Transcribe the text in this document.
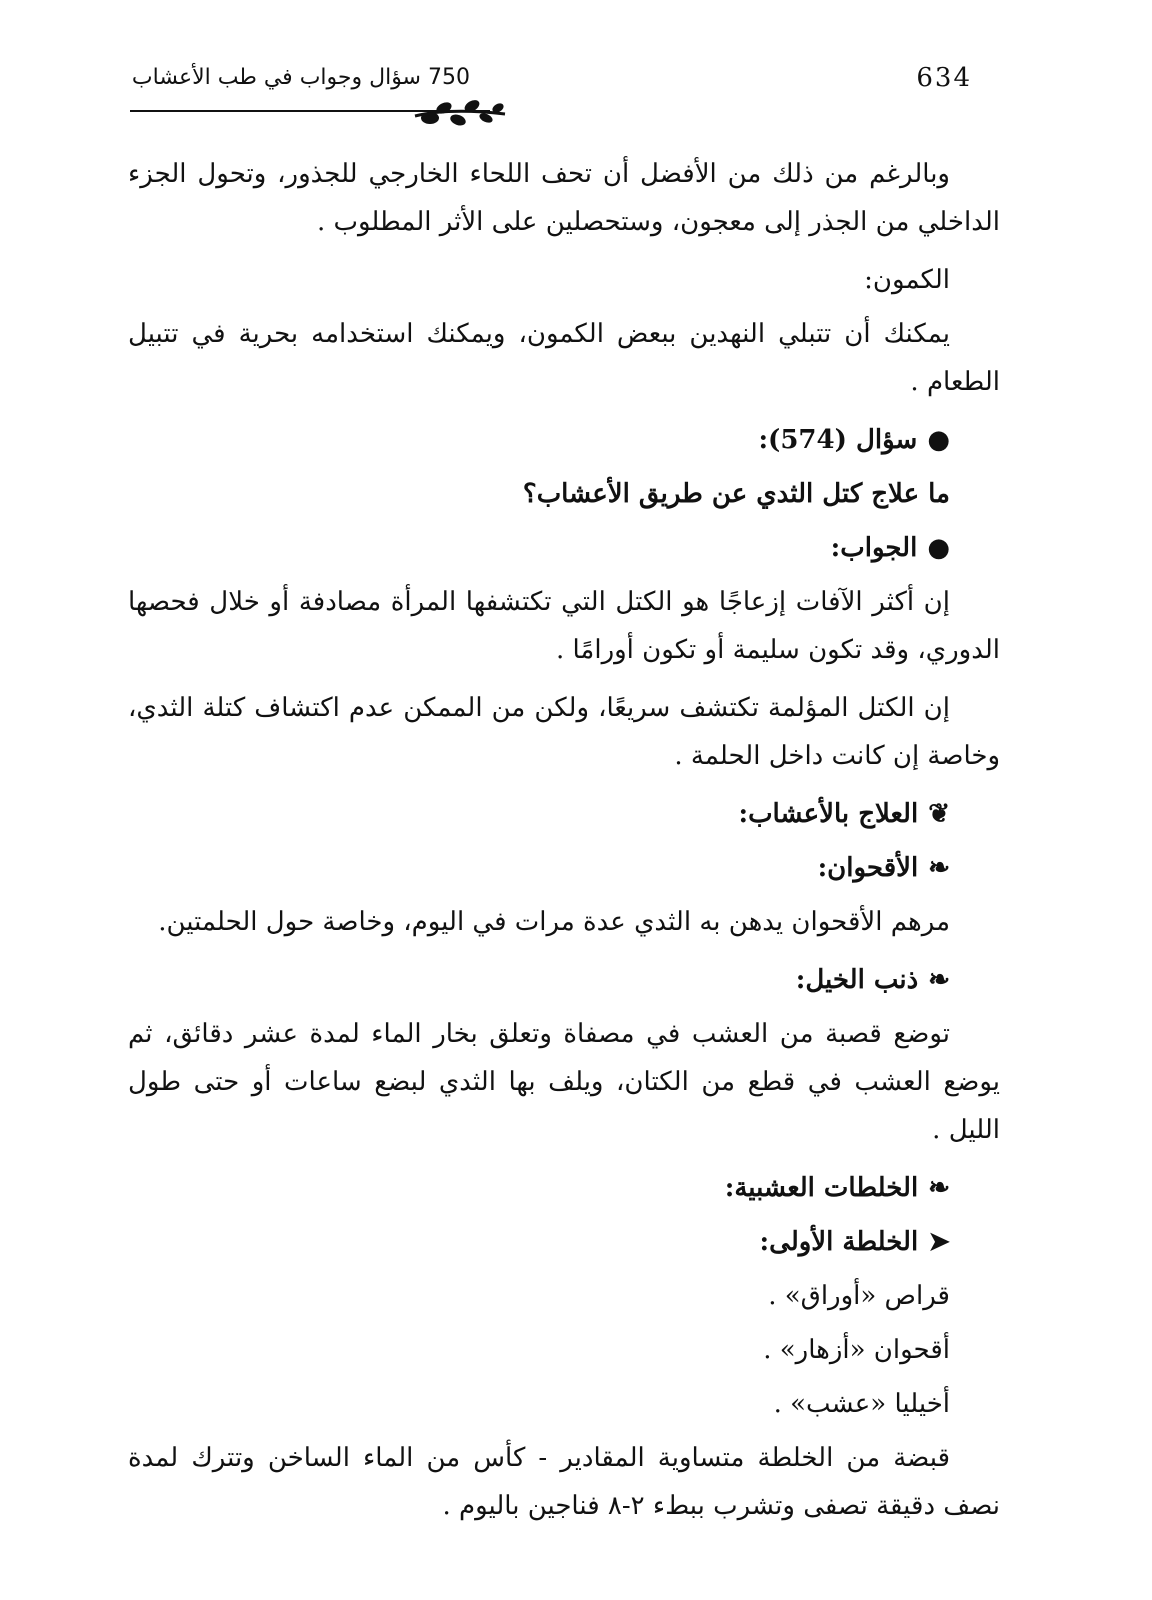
750 سؤال وجواب في طب الأعشاب	634

وبالرغم من ذلك من الأفضل أن تحف اللحاء الخارجي للجذور، وتحول الجزء الداخلي من الجذر إلى معجون، وستحصلين على الأثر المطلوب .

الكمون:

يمكنك أن تتبلي النهدين ببعض الكمون، ويمكنك استخدامه بحرية في تتبيل الطعام .

●سؤال (574):
ما علاج كتل الثدي عن طريق الأعشاب؟
●الجواب:

إن أكثر الآفات إزعاجًا هو الكتل التي تكتشفها المرأة مصادفة أو خلال فحصها الدوري، وقد تكون سليمة أو تكون أورامًا .

إن الكتل المؤلمة تكتشف سريعًا، ولكن من الممكن عدم اكتشاف كتلة الثدي، وخاصة إن كانت داخل الحلمة .

❦العلاج بالأعشاب:
❧الأقحوان:

مرهم الأقحوان يدهن به الثدي عدة مرات في اليوم، وخاصة حول الحلمتين.

❧ذنب الخيل:

توضع قصبة من العشب في مصفاة وتعلق بخار الماء لمدة عشر دقائق، ثم يوضع العشب في قطع من الكتان، ويلف بها الثدي لبضع ساعات أو حتى طول الليل .

❧الخلطات العشبية:
➤الخلطة الأولى:
قراص «أوراق» .
أقحوان «أزهار» .
أخيليا «عشب» .

قبضة من الخلطة متساوية المقادير - كأس من الماء الساخن وتترك لمدة نصف دقيقة تصفى وتشرب ببطء ٢-٨ فناجين باليوم .
